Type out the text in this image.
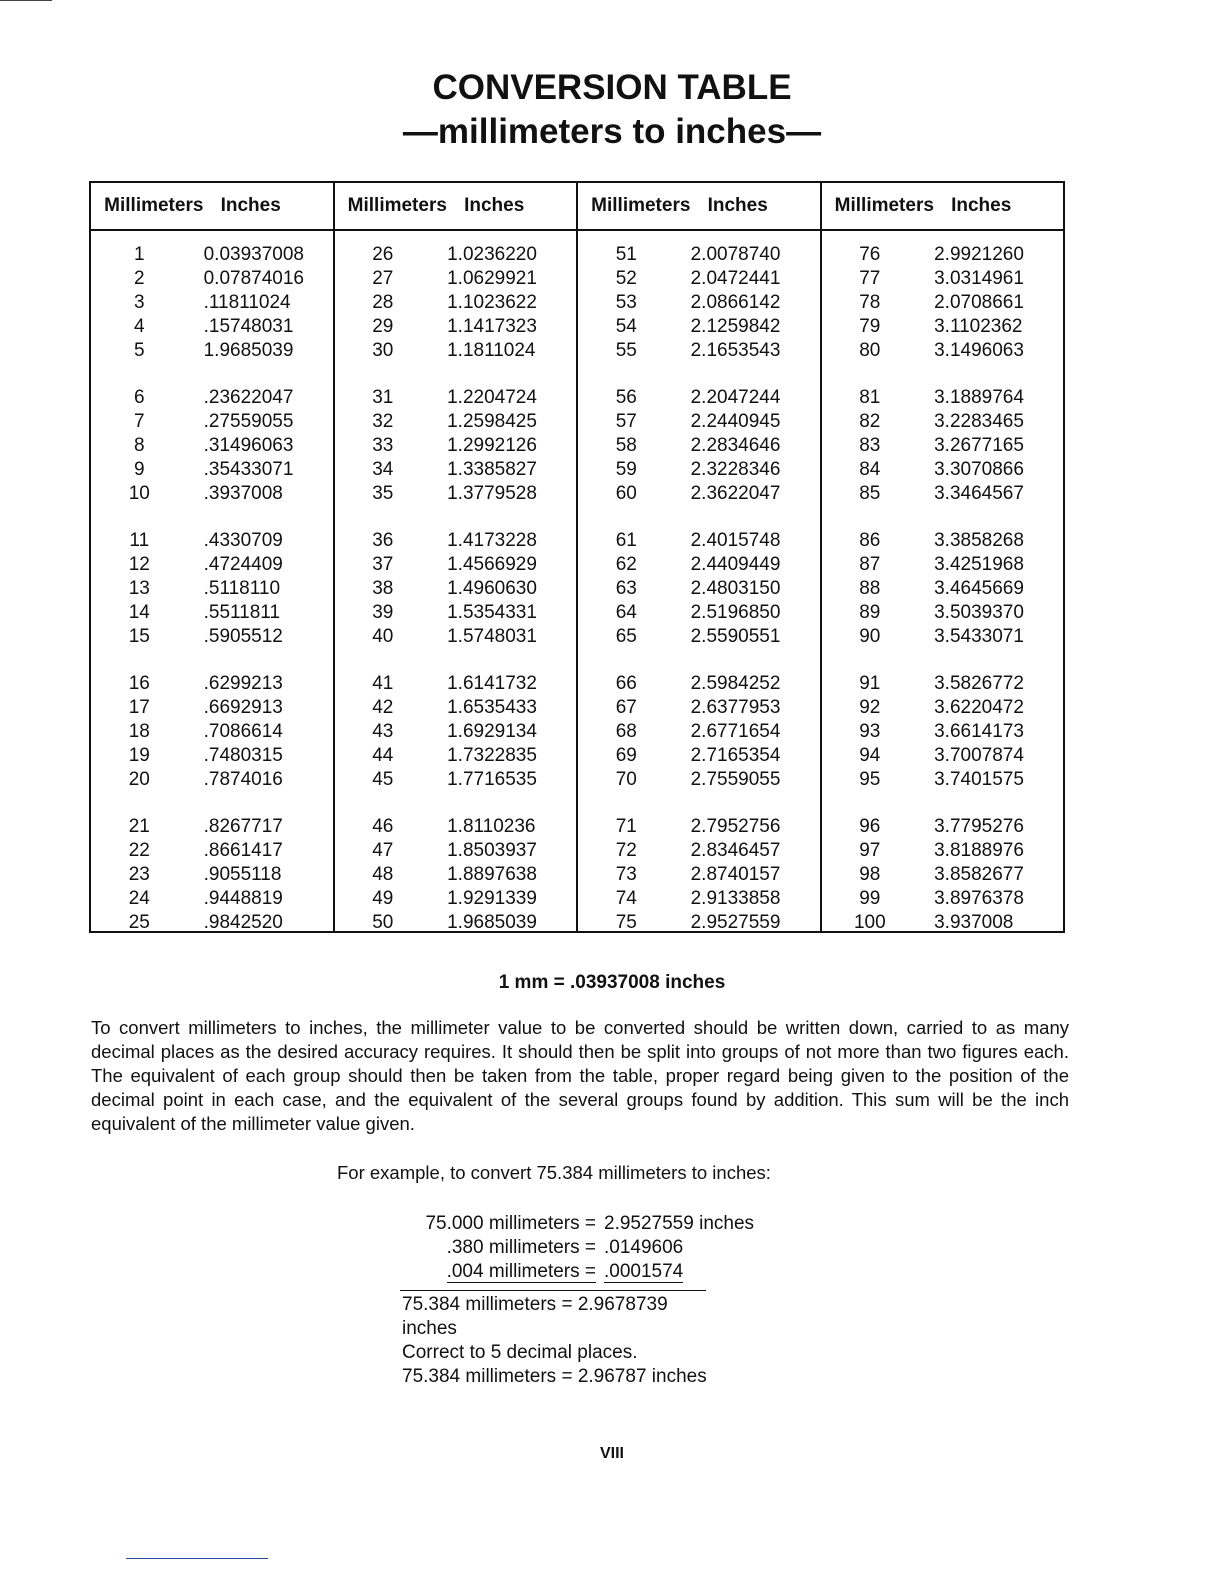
CONVERSION TABLE
—millimeters to inches—
Millimeters Inches
1	0.03937008
2	0.07874016
3	.11811024
4	.15748031
5	1.9685039
6	.23622047
7	.27559055
8	.31496063
9	.35433071
10	.3937008
11	.4330709
12	.4724409
13	.5118110
14	.5511811
15	.5905512
16	.6299213
17	.6692913
18	.7086614
19	.7480315
20	.7874016
21	.8267717
22	.8661417
23	.9055118
24	.9448819
25	.9842520
Millimeters Inches
26	1.0236220
27	1.0629921
28	1.1023622
29	1.1417323
30	1.1811024
31	1.2204724
32	1.2598425
33	1.2992126
34	1.3385827
35	1.3779528
36	1.4173228
37	1.4566929
38	1.4960630
39	1.5354331
40	1.5748031
41	1.6141732
42	1.6535433
43	1.6929134
44	1.7322835
45	1.7716535
46	1.8110236
47	1.8503937
48	1.8897638
49	1.9291339
50	1.9685039
Millimeters Inches
51	2.0078740
52	2.0472441
53	2.0866142
54	2.1259842
55	2.1653543
56	2.2047244
57	2.2440945
58	2.2834646
59	2.3228346
60	2.3622047
61	2.4015748
62	2.4409449
63	2.4803150
64	2.5196850
65	2.5590551
66	2.5984252
67	2.6377953
68	2.6771654
69	2.7165354
70	2.7559055
71	2.7952756
72	2.8346457
73	2.8740157
74	2.9133858
75	2.9527559
Millimeters Inches
76	2.9921260
77	3.0314961
78	2.0708661
79	3.1102362
80	3.1496063
81	3.1889764
82	3.2283465
83	3.2677165
84	3.3070866
85	3.3464567
86	3.3858268
87	3.4251968
88	3.4645669
89	3.5039370
90	3.5433071
91	3.5826772
92	3.6220472
93	3.6614173
94	3.7007874
95	3.7401575
96	3.7795276
97	3.8188976
98	3.8582677
99	3.8976378
100	3.937008
1 mm = .03937008 inches
To convert millimeters to inches, the millimeter value to be converted should be written down, carried to as many decimal places as the desired accuracy requires. It should then be split into groups of not more than two figures each. The equivalent of each group should then be taken from the table, proper regard being given to the position of the decimal point in each case, and the equivalent of the several groups found by addition. This sum will be the inch equivalent of the millimeter value given.
For example, to convert 75.384 millimeters to inches:
75.000 millimeters = 2.9527559 inches
.380 millimeters = .0149606
.004 millimeters = .0001574
75.384 millimeters = 2.9678739 inches
Correct to 5 decimal places.
75.384 millimeters = 2.96787 inches
VIII
